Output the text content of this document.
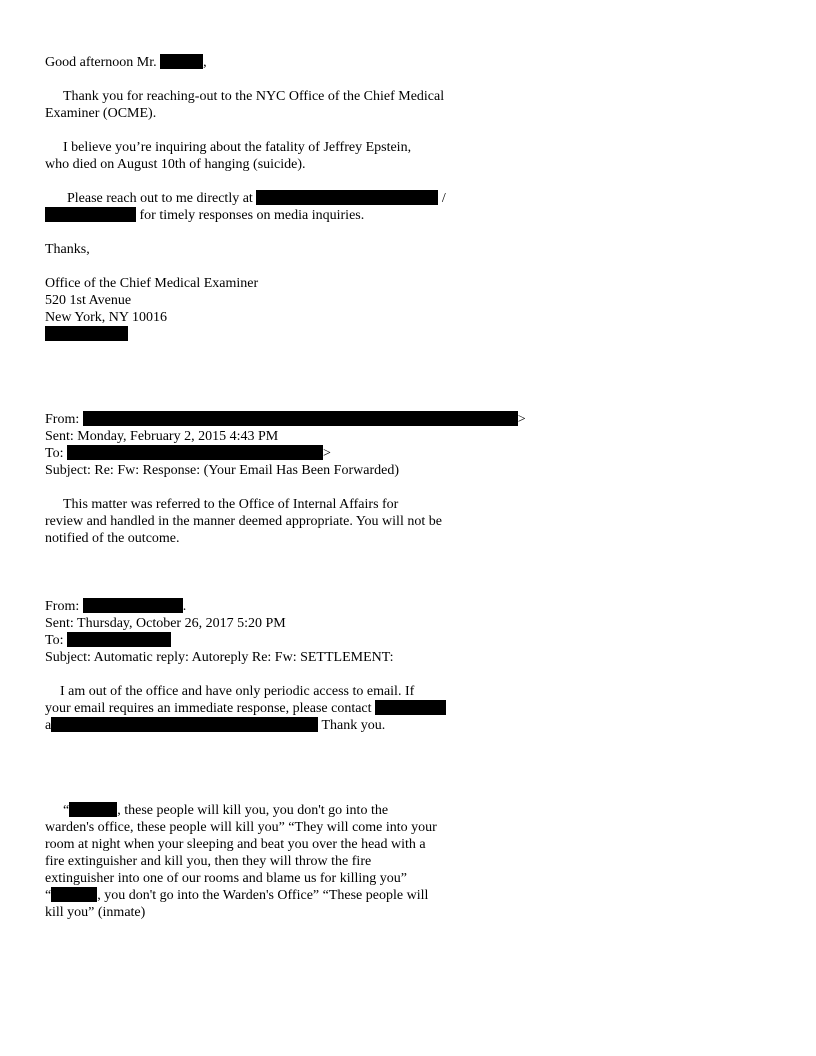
Good afternoon Mr.	,
Thank you for reaching-out to the NYC Office of the Chief Medical
Examiner (OCME).
I believe you’re inquiring about the fatality of Jeffrey Epstein,
who died on August 10th of hanging (suicide).
Please reach out to me directly at	/
for timely responses on media inquiries.
Thanks,
Office of the Chief Medical Examiner
520 1st Avenue
New York, NY 10016
From:	>
Sent: Monday, February 2, 2015 4:43 PM
To:	>
Subject: Re: Fw: Response: (Your Email Has Been Forwarded)
This matter was referred to the Office of Internal Affairs for
review and handled in the manner deemed appropriate. You will not be
notified of the outcome.
From:	.
Sent: Thursday, October 26, 2017 5:20 PM
To:
Subject: Automatic reply: Autoreply Re: Fw: SETTLEMENT:
I am out of the office and have only periodic access to email. If
your email requires an immediate response, please contact
a	Thank you.
“	, these people will kill you, you don't go into the
warden's office, these people will kill you” “They will come into your
room at night when your sleeping and beat you over the head with a
fire extinguisher and kill you, then they will throw the fire
extinguisher into one of our rooms and blame us for killing you”
“	, you don't go into the Warden's Office” “These people will
kill you” (inmate)
